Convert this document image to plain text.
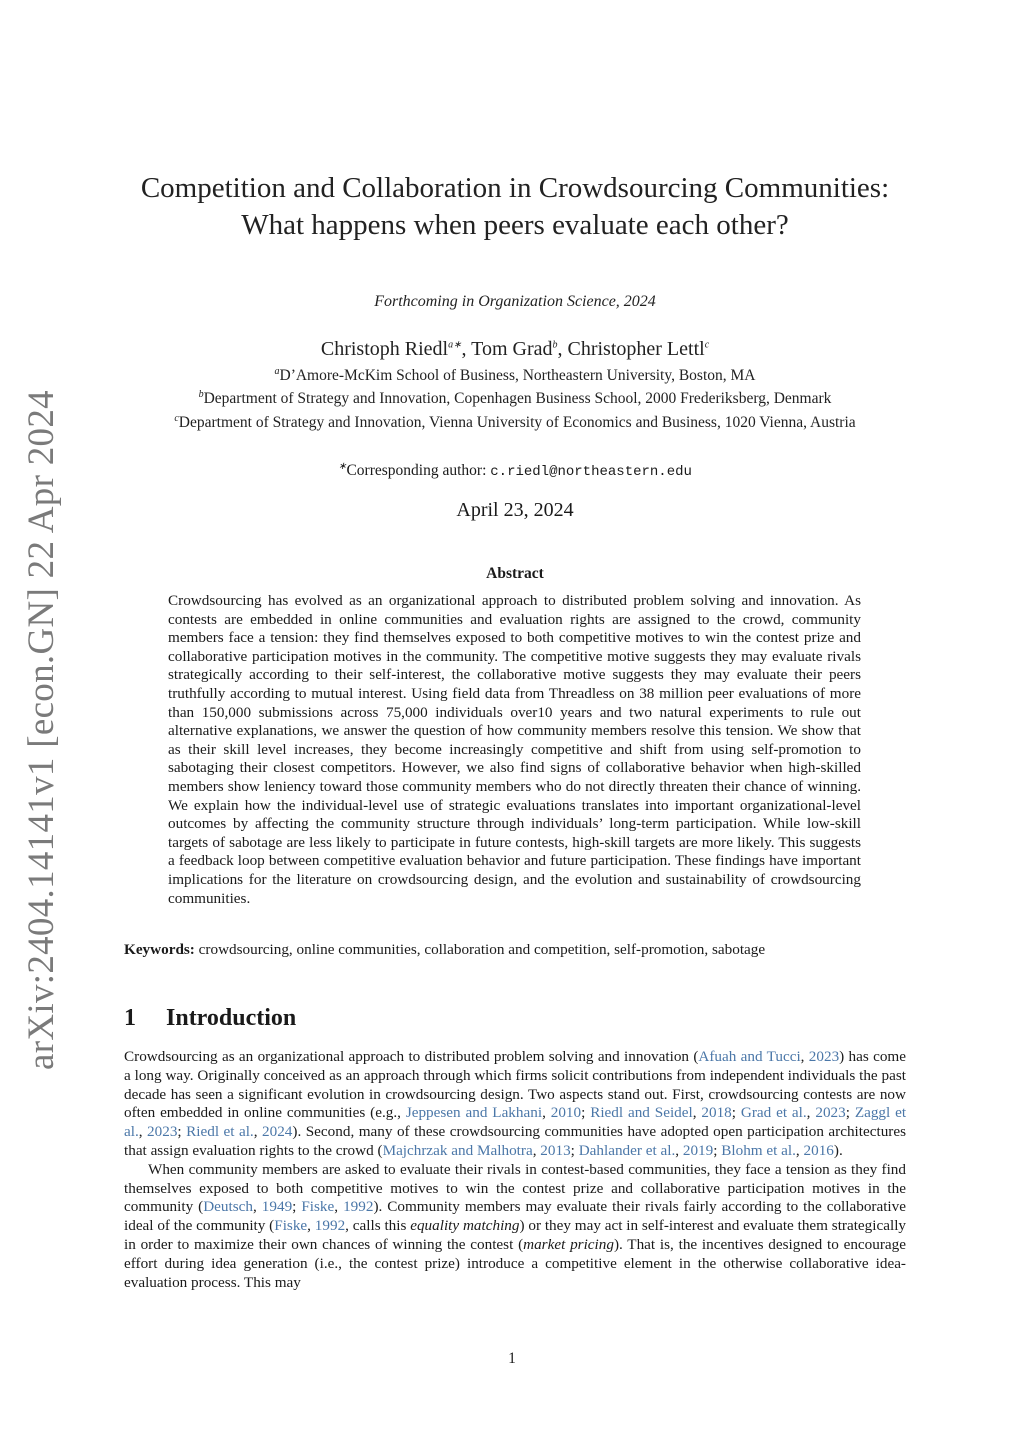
arXiv:2404.14141v1 [econ.GN] 22 Apr 2024
Competition and Collaboration in Crowdsourcing Communities:
What happens when peers evaluate each other?
Forthcoming in Organization Science, 2024
Christoph Riedl$^{a∗}$, Tom Grad$^b$, Christopher Lettl$^c$
$^a$D’Amore-McKim School of Business, Northeastern University, Boston, MA
$^b$Department of Strategy and Innovation, Copenhagen Business School, 2000 Frederiksberg, Denmark
$^c$Department of Strategy and Innovation, Vienna University of Economics and Business, 1020 Vienna, Austria
∗Corresponding author: c.riedl@northeastern.edu
April 23, 2024
Abstract
Crowdsourcing has evolved as an organizational approach to distributed problem solving and innovation. As contests are embedded in online communities and evaluation rights are assigned to the crowd, community members face a tension: they find themselves exposed to both competitive motives to win the contest prize and collaborative participation motives in the community. The competitive motive suggests they may evaluate rivals strategically according to their self-interest, the collaborative motive suggests they may evaluate their peers truthfully according to mutual interest. Using field data from Threadless on 38 million peer evaluations of more than 150,000 submissions across 75,000 individuals over10 years and two natural experiments to rule out alternative explanations, we answer the question of how community members resolve this tension. We show that as their skill level increases, they become increasingly competitive and shift from using self-promotion to sabotaging their closest competitors. However, we also find signs of collaborative behavior when high-skilled members show leniency toward those community members who do not directly threaten their chance of winning. We explain how the individual-level use of strategic evaluations translates into important organizational-level outcomes by affecting the community structure through individuals’ long-term participation. While low-skill targets of sabotage are less likely to participate in future contests, high-skill targets are more likely. This suggests a feedback loop between competitive evaluation behavior and future participation. These findings have important implications for the literature on crowdsourcing design, and the evolution and sustainability of crowdsourcing communities.
Keywords: crowdsourcing, online communities, collaboration and competition, self-promotion, sabotage
1 Introduction

Crowdsourcing as an organizational approach to distributed problem solving and innovation (Afuah and Tucci, 2023) has come a long way. Originally conceived as an approach through which firms solicit contributions from independent individuals the past decade has seen a significant evolution in crowdsourcing design. Two aspects stand out. First, crowdsourcing contests are now often embedded in online communities (e.g., Jeppesen and Lakhani, 2010; Riedl and Seidel, 2018; Grad et al., 2023; Zaggl et al., 2023; Riedl et al., 2024). Second, many of these crowdsourcing communities have adopted open participation architectures that assign evaluation rights to the crowd (Majchrzak and Malhotra, 2013; Dahlander et al., 2019; Blohm et al., 2016).

When community members are asked to evaluate their rivals in contest-based communities, they face a tension as they find themselves exposed to both competitive motives to win the contest prize and collaborative participation motives in the community (Deutsch, 1949; Fiske, 1992). Community members may evaluate their rivals fairly according to the collaborative ideal of the community (Fiske, 1992, calls this equality matching) or they may act in self-interest and evaluate them strategically in order to maximize their own chances of winning the contest (market pricing). That is, the incentives designed to encourage effort during idea generation (i.e., the contest prize) introduce a competitive element in the otherwise collaborative idea-evaluation process. This may

1
